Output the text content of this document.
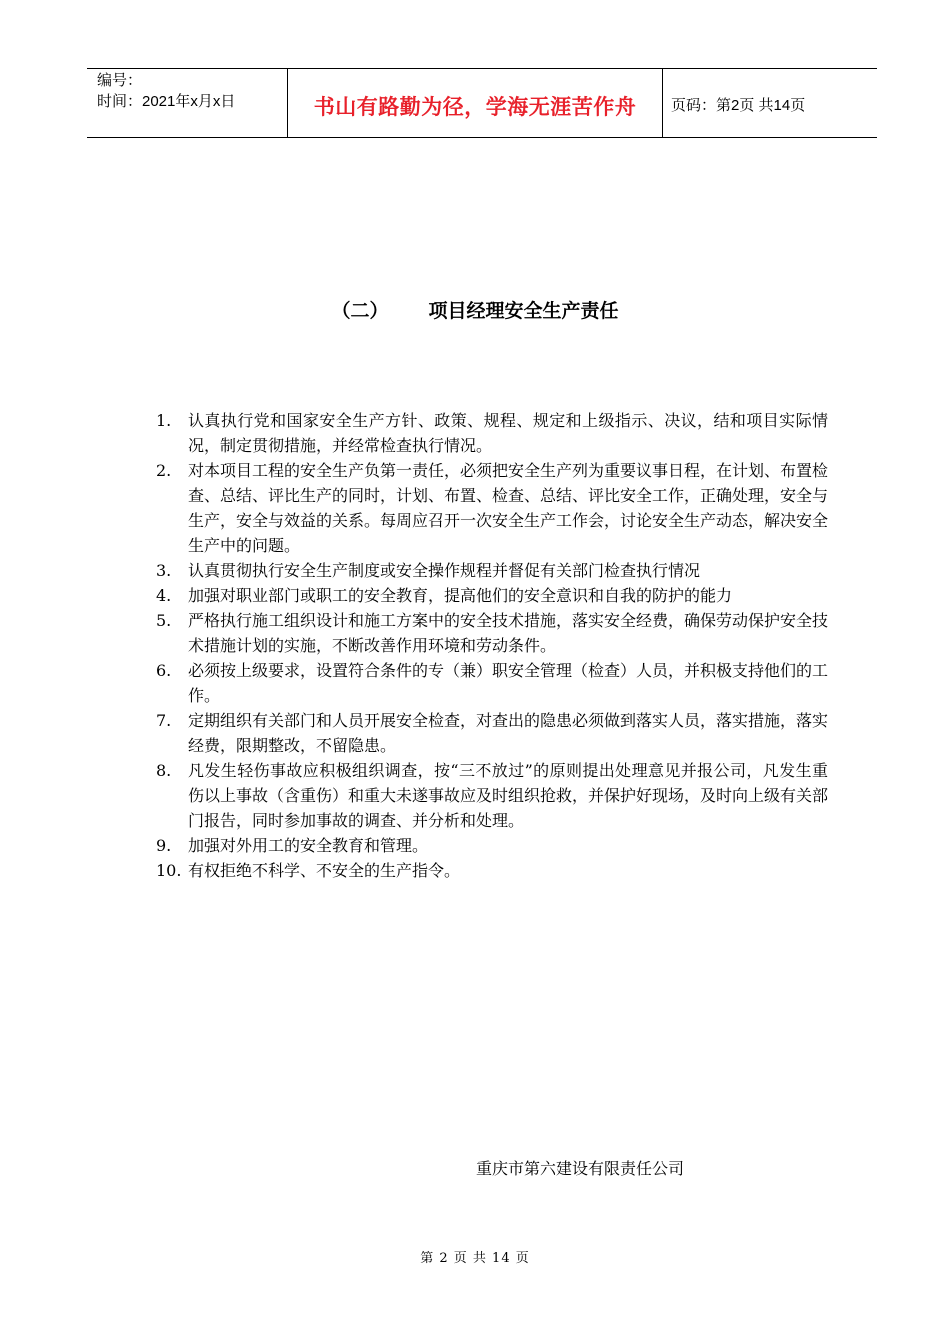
编号：
时间：2021年x月x日	书山有路勤为径，学海无涯苦作舟	页码：第2页 共14页
（二） 项目经理安全生产责任
1. 认真执行党和国家安全生产方针、政策、规程、规定和上级指示、决议，结和项目实际情况，制定贯彻措施，并经常检查执行情况。
2. 对本项目工程的安全生产负第一责任，必须把安全生产列为重要议事日程，在计划、布置检查、总结、评比生产的同时，计划、布置、检查、总结、评比安全工作，正确处理，安全与生产，安全与效益的关系。每周应召开一次安全生产工作会，讨论安全生产动态，解决安全生产中的问题。
3. 认真贯彻执行安全生产制度或安全操作规程并督促有关部门检查执行情况
4. 加强对职业部门或职工的安全教育，提高他们的安全意识和自我的防护的能力
5. 严格执行施工组织设计和施工方案中的安全技术措施，落实安全经费，确保劳动保护安全技术措施计划的实施，不断改善作用环境和劳动条件。
6. 必须按上级要求，设置符合条件的专（兼）职安全管理（检查）人员，并积极支持他们的工作。
7. 定期组织有关部门和人员开展安全检查，对查出的隐患必须做到落实人员，落实措施，落实经费，限期整改，不留隐患。
8. 凡发生轻伤事故应积极组织调查，按“三不放过”的原则提出处理意见并报公司，凡发生重伤以上事故（含重伤）和重大未遂事故应及时组织抢救，并保护好现场，及时向上级有关部门报告，同时参加事故的调查、并分析和处理。
9. 加强对外用工的安全教育和管理。
10. 有权拒绝不科学、不安全的生产指令。
重庆市第六建设有限责任公司
第 2 页 共 14 页
